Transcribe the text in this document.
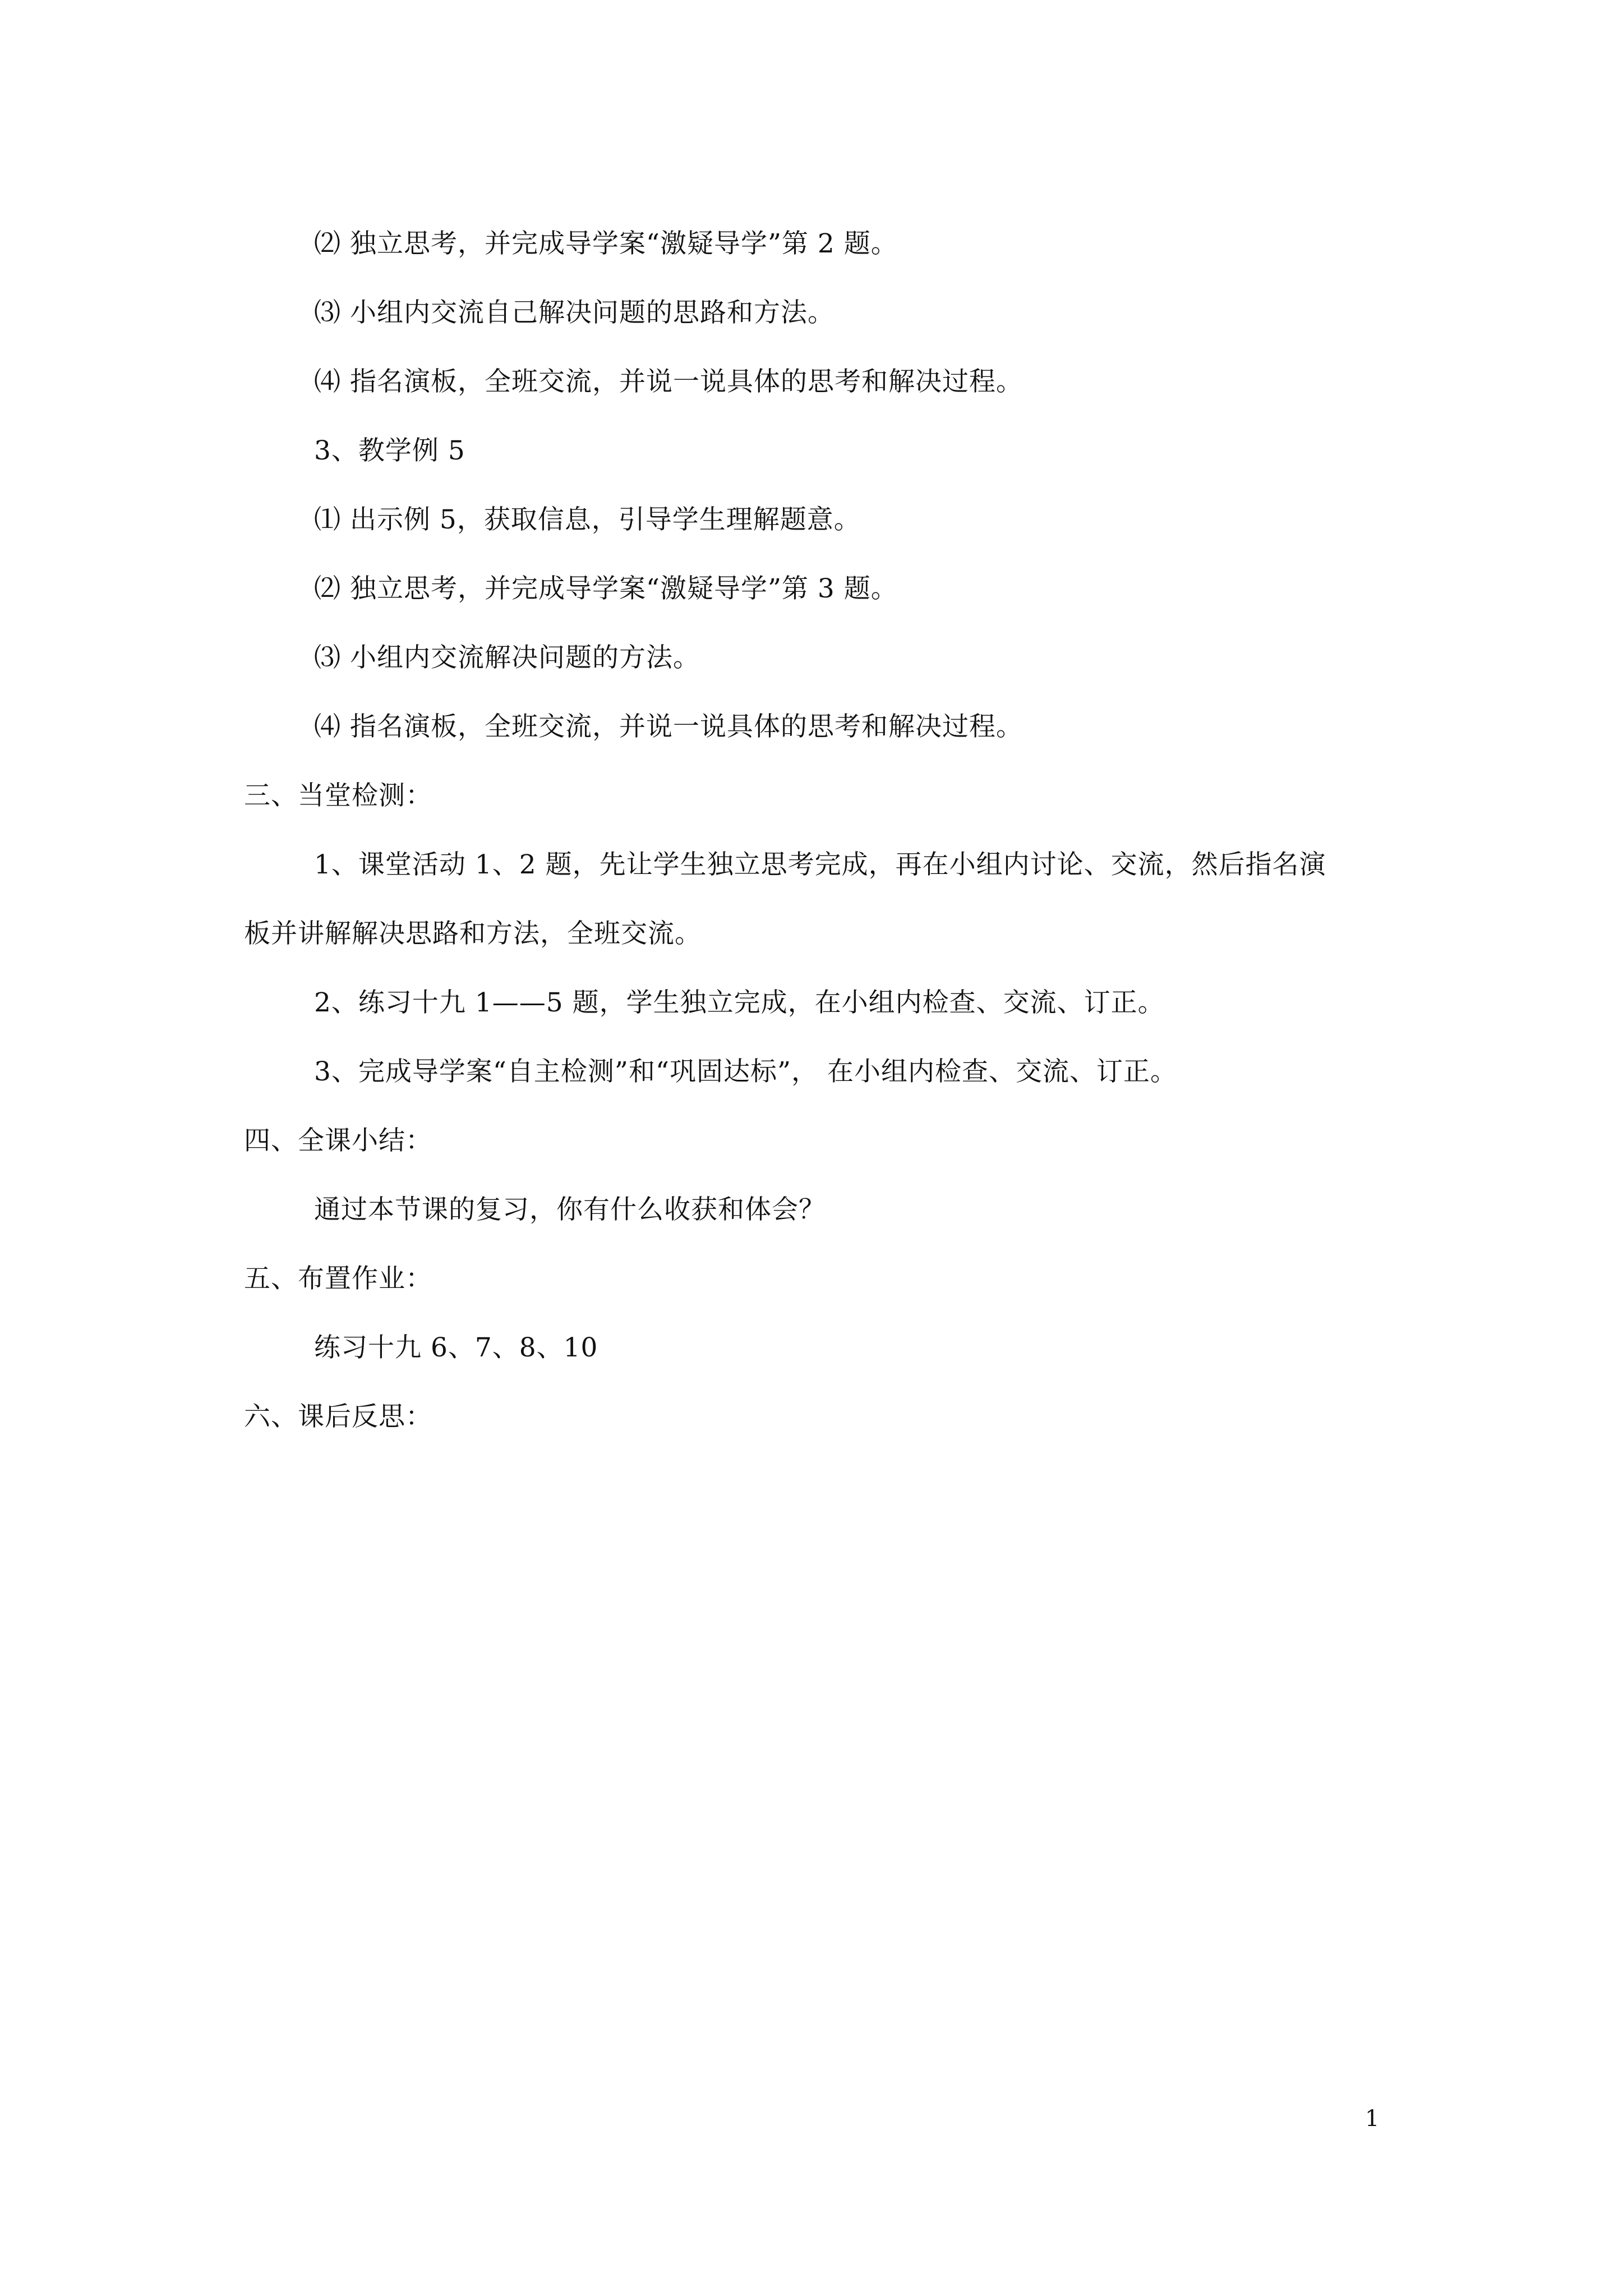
⑵ 独立思考，并完成导学案“激疑导学”第 2 题。
⑶ 小组内交流自己解决问题的思路和方法。
⑷ 指名演板，全班交流，并说一说具体的思考和解决过程。
3、教学例 5
⑴ 出示例 5，获取信息，引导学生理解题意。
⑵ 独立思考，并完成导学案“激疑导学”第 3 题。
⑶ 小组内交流解决问题的方法。
⑷ 指名演板，全班交流，并说一说具体的思考和解决过程。
三、当堂检测：
1、课堂活动 1、2 题，先让学生独立思考完成，再在小组内讨论、交流，然后指名演
板并讲解解决思路和方法，全班交流。
2、练习十九 1——5 题，学生独立完成，在小组内检查、交流、订正。
3、完成导学案“自主检测”和“巩固达标”， 在小组内检查、交流、订正。
四、全课小结：
通过本节课的复习，你有什么收获和体会？
五、布置作业：
练习十九 6、7、8、10
六、课后反思：
1
